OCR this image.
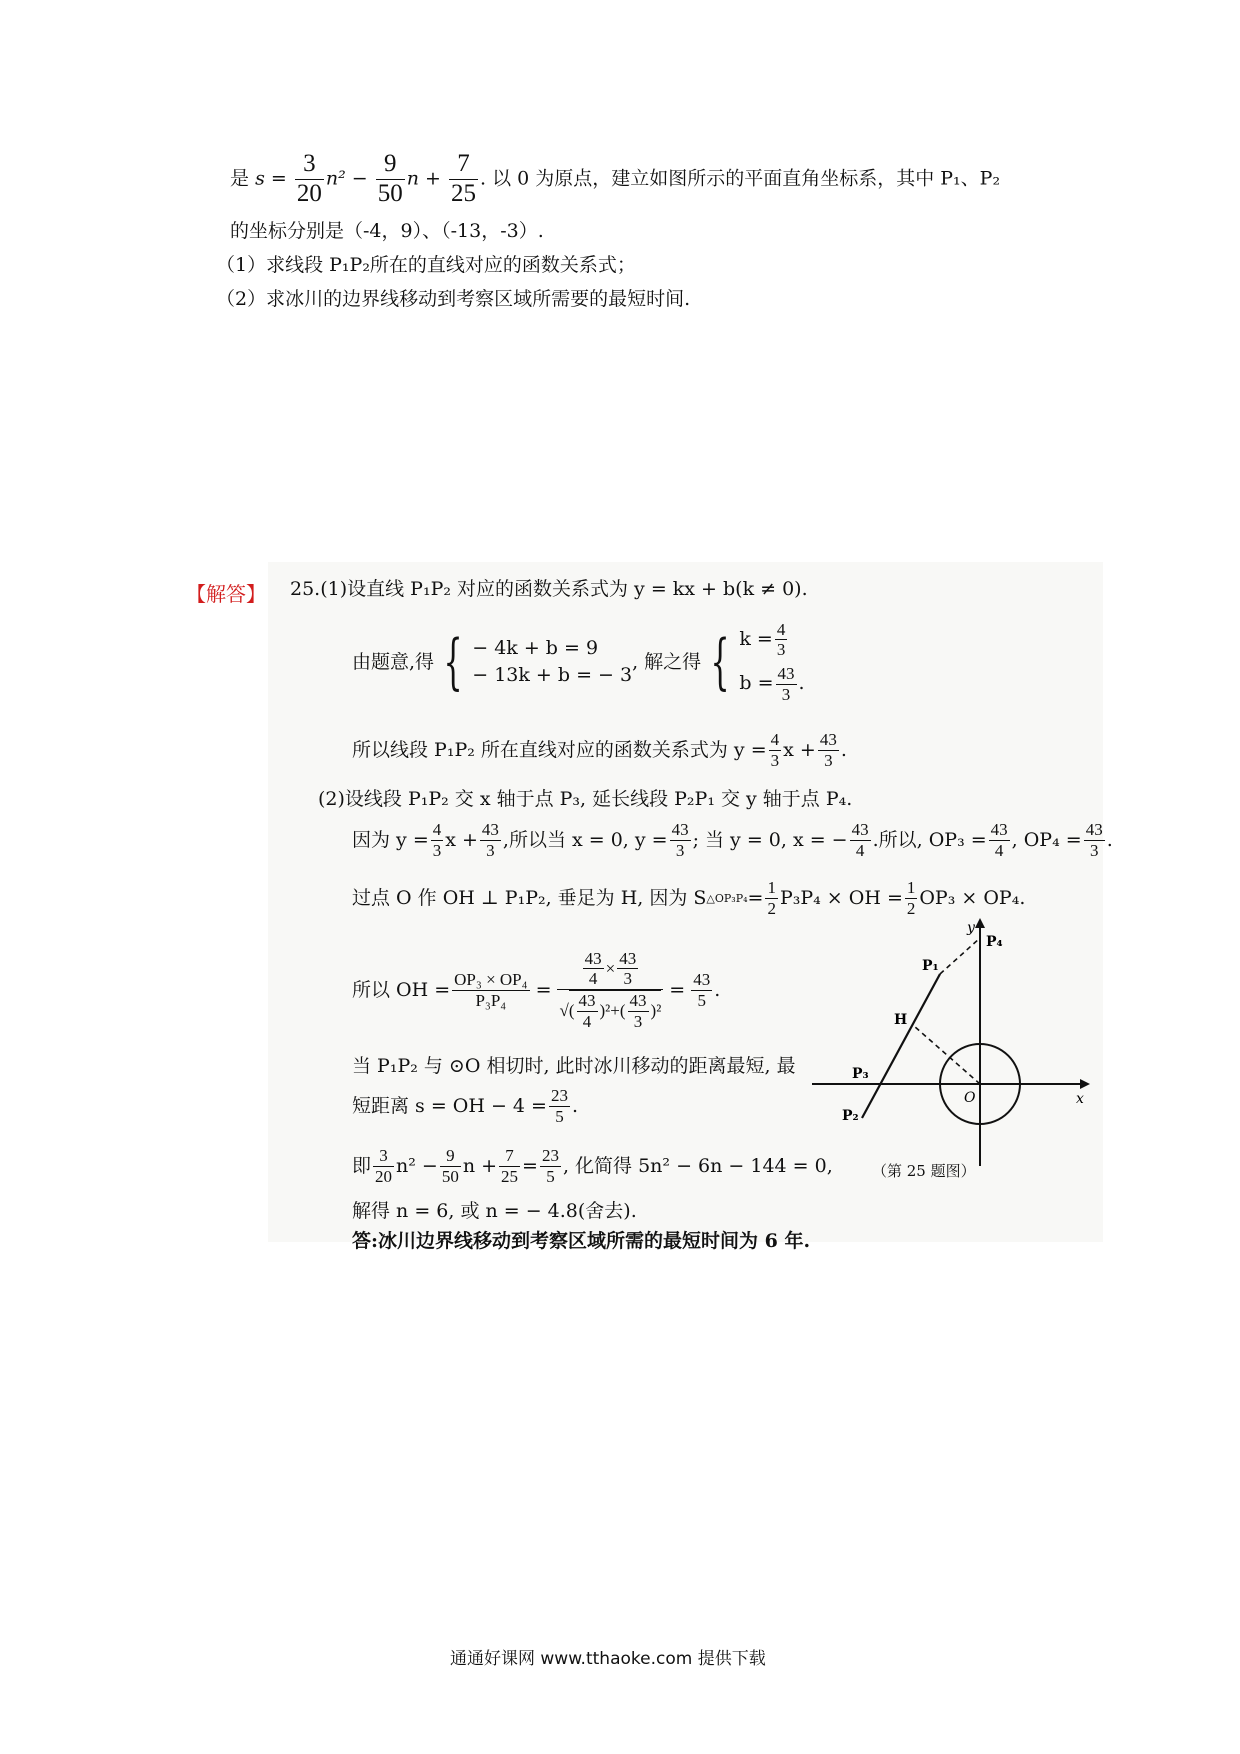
是 $s = \frac{3}{20} n^2 - \frac{9}{50}$ $n + \frac{7}{25}$ . 以 0 为原点，建立如图所示的平面直角坐标系，其中 P₁、P₂
的坐标分别是（-4，9）、（-13，-3）.
（1）求线段 P₁P₂所在的直线对应的函数关系式；
（2）求冰川的边界线移动到考察区域所需要的最短时间.
【解答】 25.(1)设直线 P₁P₂ 对应的函数关系式为 y = kx + b(k ≠ 0).
由题意,得 { − 4k + b = 9
− 13k + b = − 3
, 解之得 { $k = \frac{4}{3}$
$b = \frac{43}{3}$ .
所以线段 P₁P₂ 所在直线对应的函数关系式为 $y = \frac{4}{3}$ $x + \frac{43}{3}$ .
(2)设线段 P₁P₂ 交 x 轴于点 P₃, 延长线段 P₂P₁ 交 y 轴于点 P₄.
因为 $y = \frac{4}{3}$ $x + \frac{43}{3}$ ,所以当 x = 0, $y = \frac{43}{3}$ ; 当 y = 0, x = − $\frac{43}{4}$ .所以, $OP_3 = \frac{43}{4}$ , $OP_4 = \frac{43}{3}$ .
过点 O 作 OH ⊥ P₁P₂, 垂足为 H, 因为 S △OP₃P₄ = $\frac{1}{2} P_3P_4$ × OH = $\frac{1}{2} OP_3 \times OP_4$.
所以 OH = $\frac{\text{OP₃ × OP₄}}{\text{P₃P₄}} = \frac{\frac{43}{4} \times \frac{43}{3}}{√ ( \frac{43}{4} )^2 + ( \frac{43}{3} )^2} = \frac{43}{5}$ .
当 P₁P₂ 与 ⊙O 相切时, 此时冰川移动的距离最短, 最
短距离 s = OH − $4 = \frac{23}{5}$ .
即 $\frac{3}{20} n^2 - \frac{9}{50}$ $n + \frac{7}{25} = \frac{23}{5}$ , 化简得 5n² − 6n − 144 = 0,
解得 n = 6, 或 n = − 4.8(舍去).
答:冰川边界线移动到考察区域所需的最短时间为 6 年.
y
x
O
P₄
P₁
H
P₃
P₂
（第 25 题图）
通通好课网 www.tthaoke.com 提供下载
